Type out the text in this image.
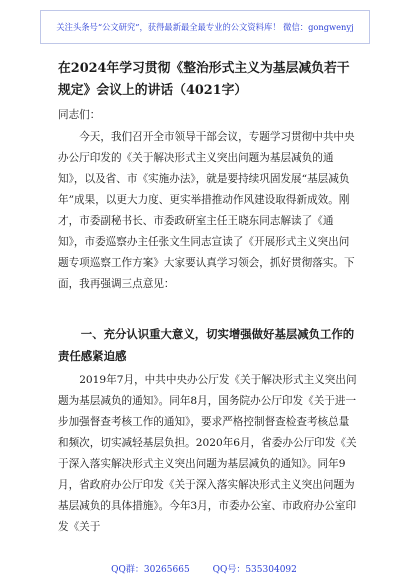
关注头条号“公文研究”，获得最新最全最专业的公文资料库！ 微信：gongwenyj
在2024年学习贯彻《整治形式主义为基层减负若干规定》会议上的讲话（4021字）

同志们：

今天，我们召开全市领导干部会议，专题学习贯彻中共中央办公厅印发的《关于解决形式主义突出问题为基层减负的通知》，以及省、市《实施办法》，就是要持续巩固发展“基层减负年”成果，以更大力度、更实举措推动作风建设取得新成效。刚才，市委副秘书长、市委政研室主任王晓东同志解读了《通知》，市委巡察办主任张文生同志宣读了《开展形式主义突出问题专项巡察工作方案》大家要认真学习领会，抓好贯彻落实。下面，我再强调三点意见：

一、充分认识重大意义，切实增强做好基层减负工作的责任感紧迫感

2019年7月，中共中央办公厅发《关于解决形式主义突出问题为基层减负的通知》。同年8月，国务院办公厅印发《关于进一步加强督查考核工作的通知》，要求严格控制督查检查考核总量和频次，切实减轻基层负担。2020年6月，省委办公厅印发《关于深入落实解决形式主义突出问题为基层减负的通知》。同年9月，省政府办公厅印发《关于深入落实解决形式主义突出问题为基层减负的具体措施》。今年3月，市委办公室、市政府办公室印发《关于

QQ群：30265665	QQ号：535304092
